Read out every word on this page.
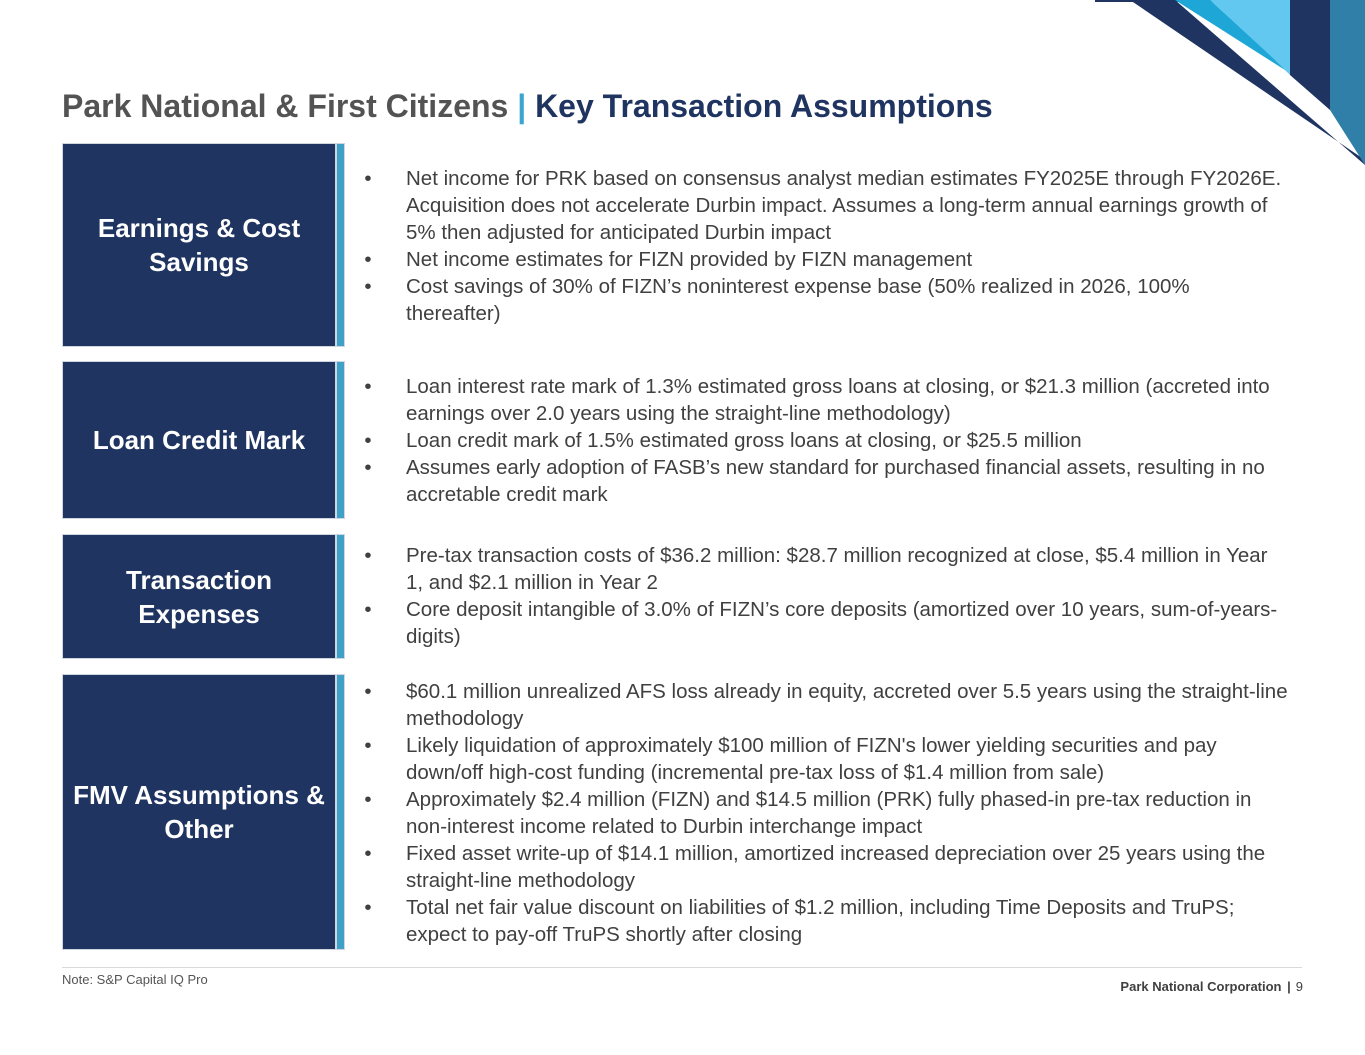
Park National & First Citizens | Key Transaction Assumptions
Earnings & Cost Savings
•	Net income for PRK based on consensus analyst median estimates FY2025E through FY2026E. Acquisition does not accelerate Durbin impact. Assumes a long-term annual earnings growth of 5% then adjusted for anticipated Durbin impact
•	Net income estimates for FIZN provided by FIZN management
•	Cost savings of 30% of FIZN’s noninterest expense base (50% realized in 2026, 100% thereafter)
Loan Credit Mark
•	Loan interest rate mark of 1.3% estimated gross loans at closing, or $21.3 million (accreted into earnings over 2.0 years using the straight-line methodology)
•	Loan credit mark of 1.5% estimated gross loans at closing, or $25.5 million
•	Assumes early adoption of FASB’s new standard for purchased financial assets, resulting in no accretable credit mark
Transaction Expenses
•	Pre-tax transaction costs of $36.2 million: $28.7 million recognized at close, $5.4 million in Year 1, and $2.1 million in Year 2
•	Core deposit intangible of 3.0% of FIZN’s core deposits (amortized over 10 years, sum-of-years-digits)
FMV Assumptions & Other
•	$60.1 million unrealized AFS loss already in equity, accreted over 5.5 years using the straight-line methodology
•	Likely liquidation of approximately $100 million of FIZN's lower yielding securities and pay down/off high-cost funding (incremental pre-tax loss of $1.4 million from sale)
•	Approximately $2.4 million (FIZN) and $14.5 million (PRK) fully phased-in pre-tax reduction in non-interest income related to Durbin interchange impact
•	Fixed asset write-up of $14.1 million, amortized increased depreciation over 25 years using the straight-line methodology
•	Total net fair value discount on liabilities of $1.2 million, including Time Deposits and TruPS; expect to pay-off TruPS shortly after closing
Note: S&P Capital IQ Pro	Park National Corporation | 9
